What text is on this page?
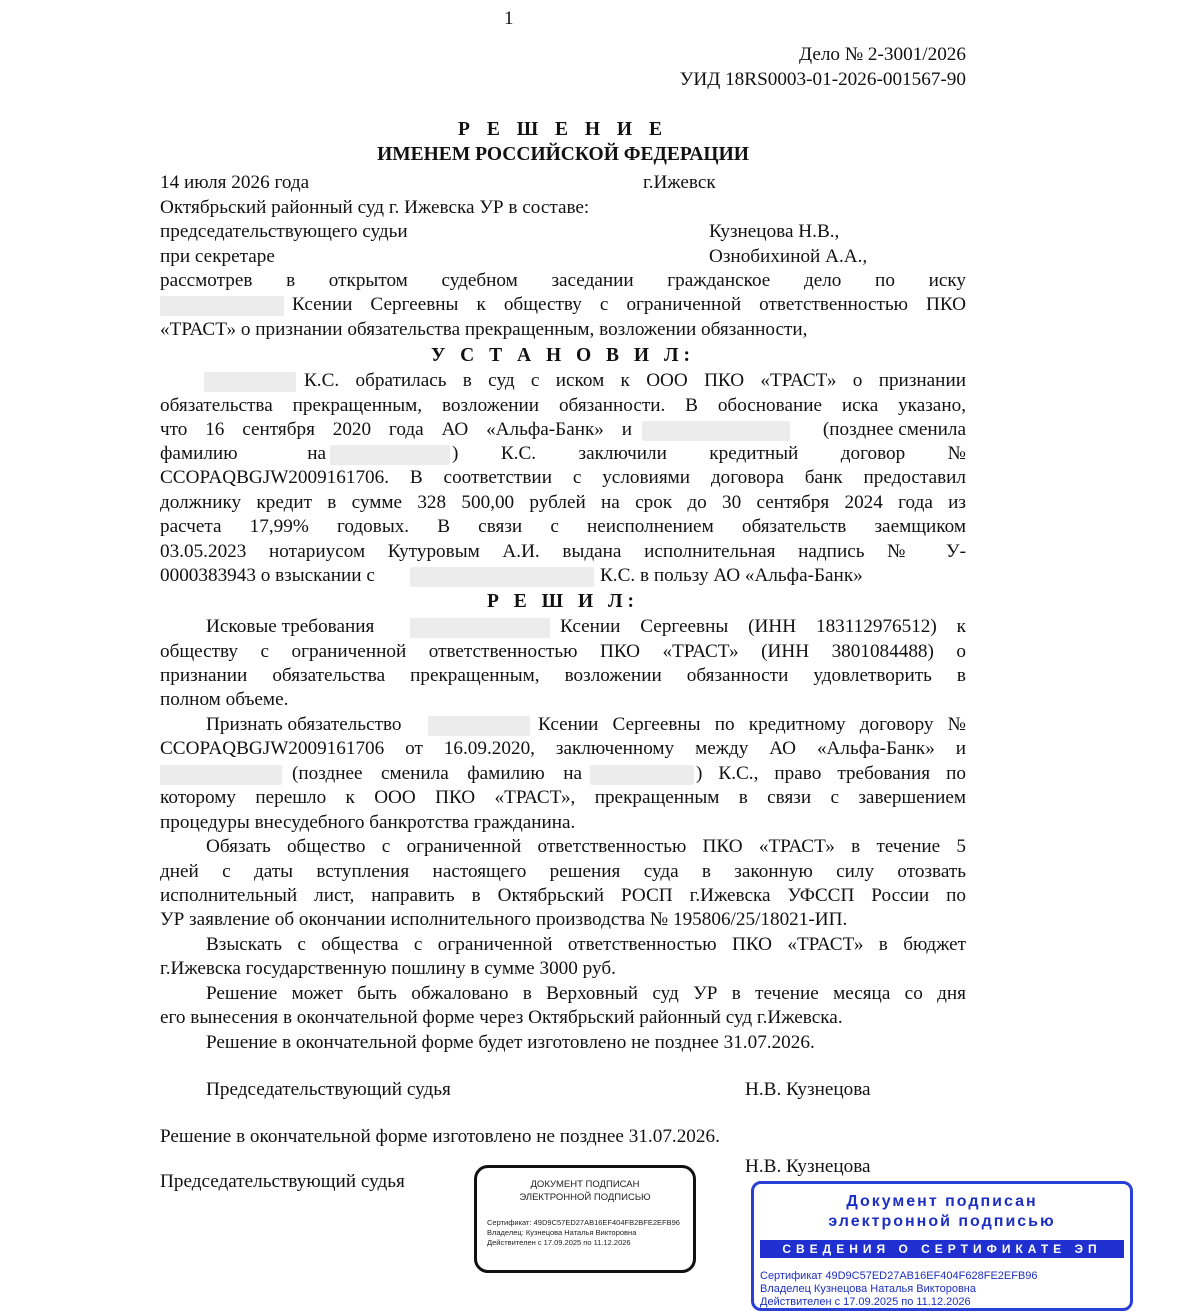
1
Дело № 2-3001/2026
УИД 18RS0003-01-2026-001567-90
Р Е Ш Е Н И Е
ИМЕНЕМ РОССИЙСКОЙ ФЕДЕРАЦИИ
14 июля 2026 года	г.Ижевск
Октябрьский районный суд г. Ижевска УР в составе:
председательствующего судьи	Кузнецова Н.В.,
при секретаре	Ознобихиной А.А.,
рассмотрев в открытом судебном заседании гражданское дело по иску
Ксении Сергеевны к обществу с ограниченной ответственностью ПКО
«ТРАСТ» о признании обязательства прекращенным, возложении обязанности,
У С Т А Н О В И Л:
К.С. обратилась в суд с иском к ООО ПКО «ТРАСТ» о признании
обязательства прекращенным, возложении обязанности. В обоснование иска указано,
что 16 сентября 2020 года АО «Альфа-Банк» и	(позднее сменила
фамилию на	) К.С. заключили кредитный договор №
CCOPAQBGJW2009161706. В соответствии с условиями договора банк предоставил
должнику кредит в сумме 328 500,00 рублей на срок до 30 сентября 2024 года из
расчета 17,99% годовых. В связи с неисполнением обязательств заемщиком
03.05.2023 нотариусом Кутуровым А.И. выдана исполнительная надпись № У-
0000383943 о взыскании с	К.С. в пользу АО «Альфа-Банк»
Р Е Ш И Л:
Исковые требования	Ксении Сергеевны (ИНН 183112976512) к
обществу с ограниченной ответственностью ПКО «ТРАСТ» (ИНН 3801084488) о
признании обязательства прекращенным, возложении обязанности удовлетворить в
полном объеме.
Признать обязательство	Ксении Сергеевны по кредитному договору №
CCOPAQBGJW2009161706 от 16.09.2020, заключенному между АО «Альфа-Банк» и
(позднее сменила фамилию на	) К.С., право требования по
которому перешло к ООО ПКО «ТРАСТ», прекращенным в связи с завершением
процедуры внесудебного банкротства гражданина.
Обязать общество с ограниченной ответственностью ПКО «ТРАСТ» в течение 5
дней с даты вступления настоящего решения суда в законную силу отозвать
исполнительный лист, направить в Октябрьский РОСП г.Ижевска УФССП России по
УР заявление об окончании исполнительного производства № 195806/25/18021-ИП.
Взыскать с общества с ограниченной ответственностью ПКО «ТРАСТ» в бюджет
г.Ижевска государственную пошлину в сумме 3000 руб.
Решение может быть обжаловано в Верховный суд УР в течение месяца со дня
его вынесения в окончательной форме через Октябрьский районный суд г.Ижевска.
Решение в окончательной форме будет изготовлено не позднее 31.07.2026.
Председательствующий судья	Н.В. Кузнецова
Решение в окончательной форме изготовлено не позднее 31.07.2026.
Н.В. Кузнецова
Председательствующий судья	ДОКУМЕНТ ПОДПИСАН
ЭЛЕКТРОННОЙ ПОДПИСЬЮ
Сертификат: 49D9C57ED27AB16EF404FB2BFE2EFB96
Владелец: Кузнецова Наталья Викторовна
Действителен с 17.09.2025 по 11.12.2026
Документ подписан
электронной подписью
СВЕДЕНИЯ О СЕРТИФИКАТЕ ЭП
Сертификат 49D9C57ED27AB16EF404F628FE2EFB96
Владелец Кузнецова Наталья Викторовна
Действителен с 17.09.2025 по 11.12.2026
